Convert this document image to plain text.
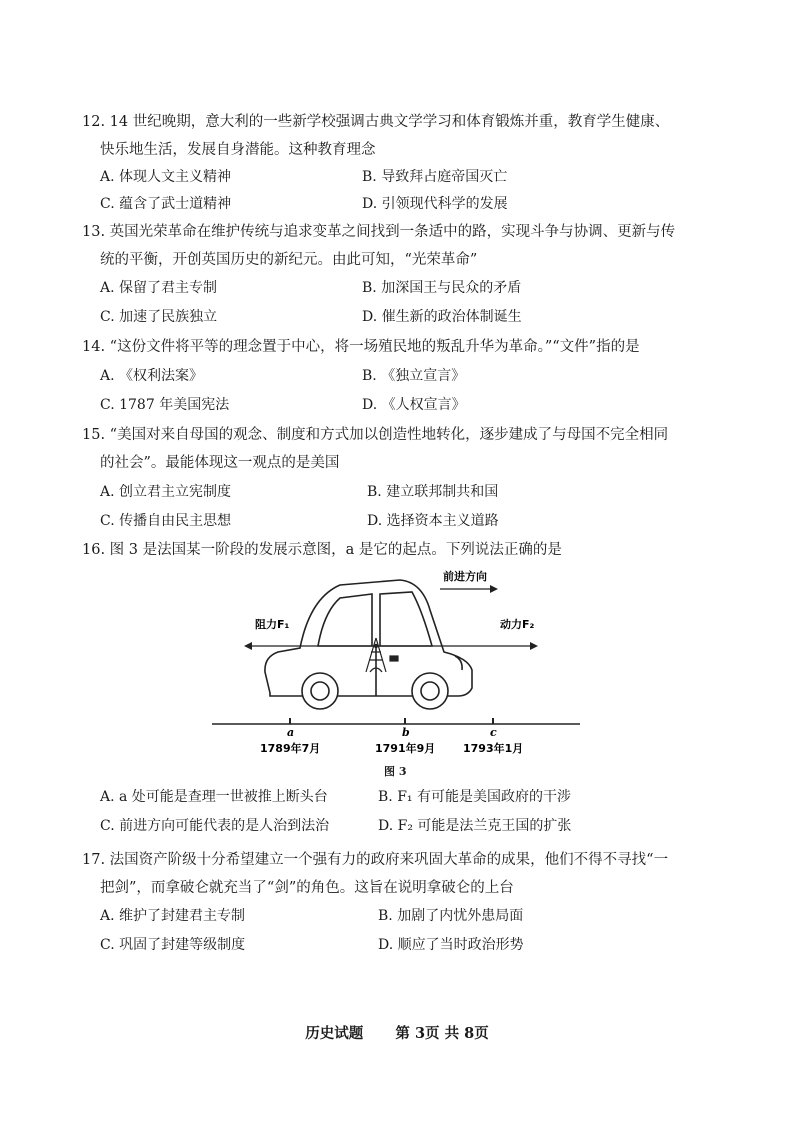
12. 14 世纪晚期，意大利的一些新学校强调古典文学学习和体育锻炼并重，教育学生健康、
快乐地生活，发展自身潜能。这种教育理念
A. 体现人文主义精神	B. 导致拜占庭帝国灭亡
C. 蕴含了武士道精神	D. 引领现代科学的发展
13. 英国光荣革命在维护传统与追求变革之间找到一条适中的路，实现斗争与协调、更新与传
统的平衡，开创英国历史的新纪元。由此可知，“光荣革命”
A. 保留了君主专制	B. 加深国王与民众的矛盾
C. 加速了民族独立	D. 催生新的政治体制诞生
14. “这份文件将平等的理念置于中心，将一场殖民地的叛乱升华为革命。”“文件”指的是
A. 《权利法案》	B. 《独立宣言》
C. 1787 年美国宪法	D. 《人权宣言》
15. “美国对来自母国的观念、制度和方式加以创造性地转化，逐步建成了与母国不完全相同
的社会”。最能体现这一观点的是美国
A. 创立君主立宪制度	B. 建立联邦制共和国
C. 传播自由民主思想	D. 选择资本主义道路
16. 图 3 是法国某一阶段的发展示意图，a 是它的起点。下列说法正确的是
前进方向
阻力F₁	动力F₂
a	b	c
1789年7月	1791年9月	1793年1月
图 3
A. a 处可能是查理一世被推上断头台	B. F₁ 有可能是美国政府的干涉
C. 前进方向可能代表的是人治到法治	D. F₂ 可能是法兰克王国的扩张
17. 法国资产阶级十分希望建立一个强有力的政府来巩固大革命的成果，他们不得不寻找“一
把剑”，而拿破仑就充当了“剑”的角色。这旨在说明拿破仑的上台
A. 维护了封建君主专制	B. 加剧了内忧外患局面
C. 巩固了封建等级制度	D. 顺应了当时政治形势
历史试题 第 3页 共 8页
